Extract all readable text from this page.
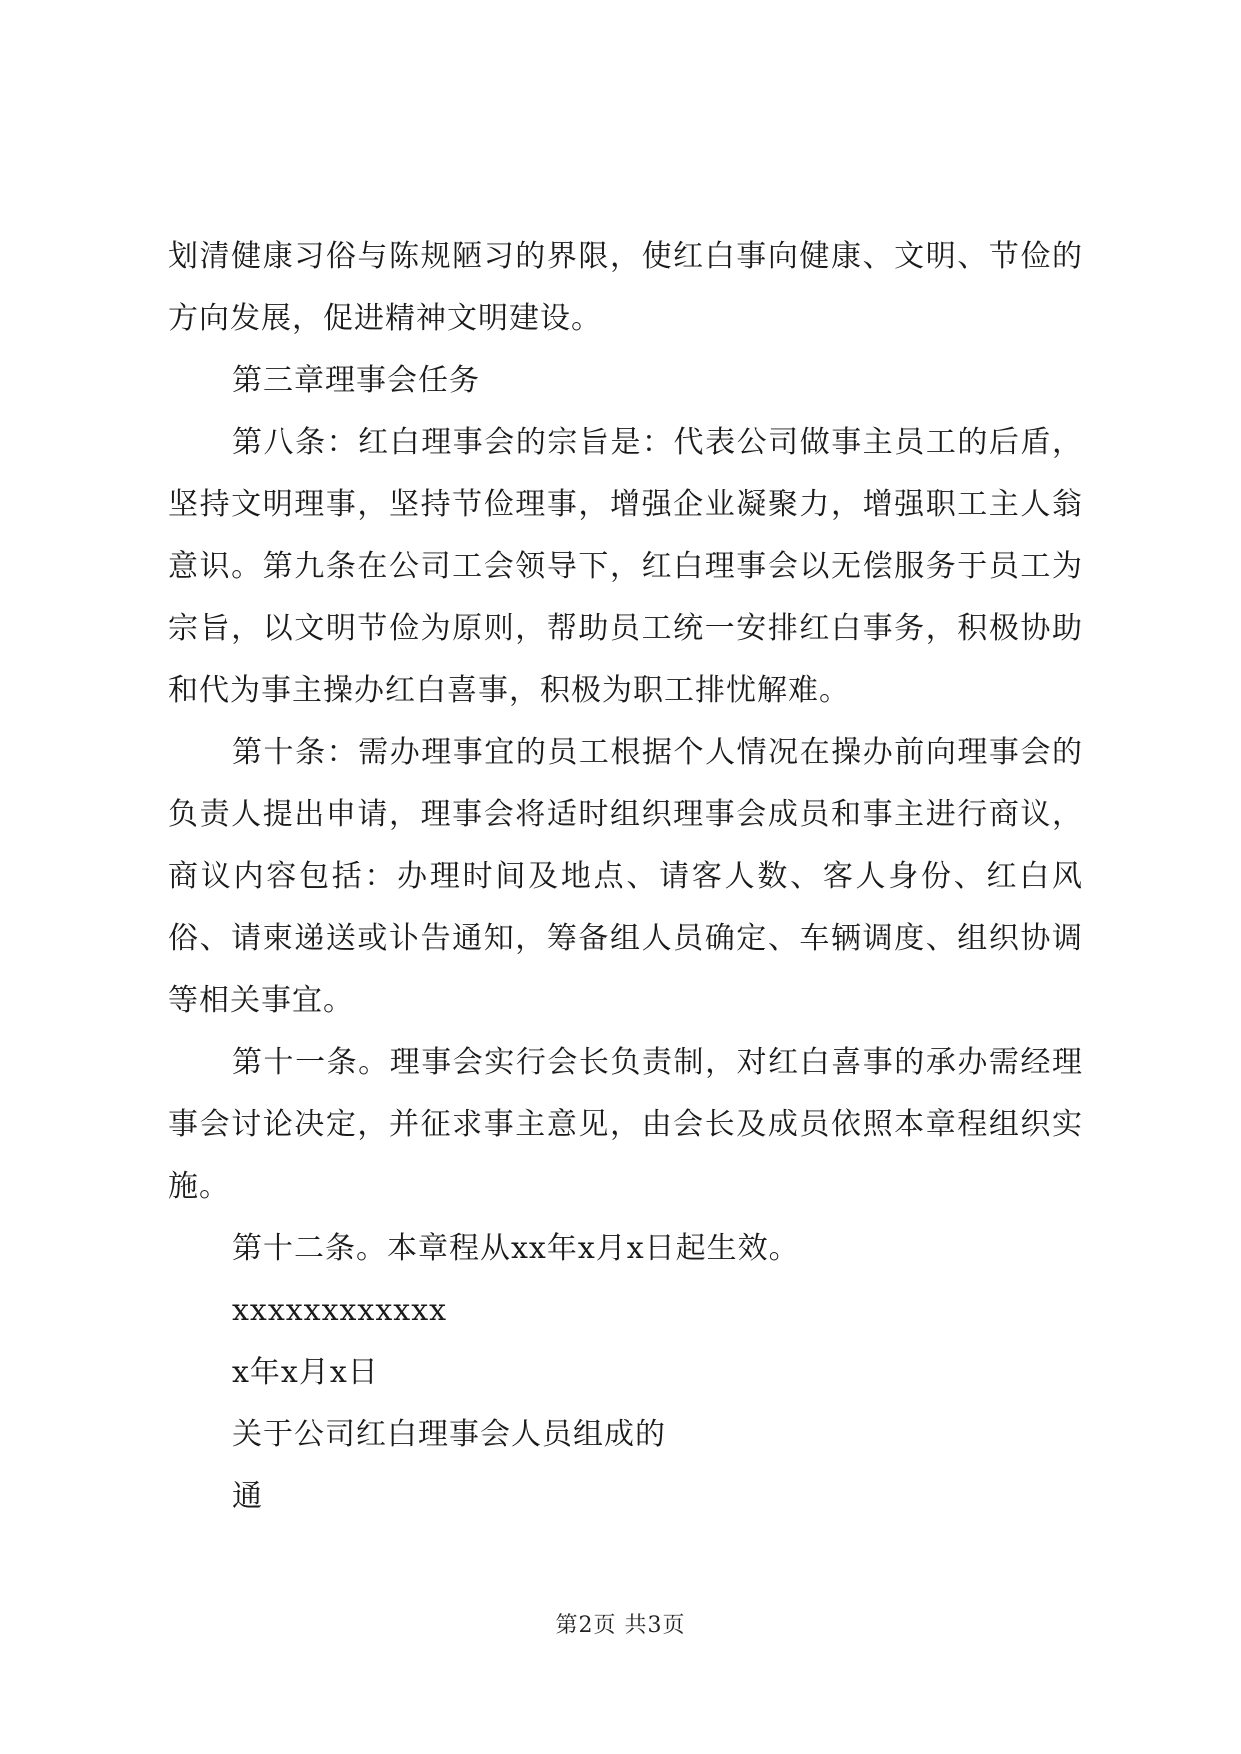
划清健康习俗与陈规陋习的界限，使红白事向健康、文明、节俭的方向发展，促进精神文明建设。

第三章理事会任务

第八条：红白理事会的宗旨是：代表公司做事主员工的后盾，坚持文明理事，坚持节俭理事，增强企业凝聚力，增强职工主人翁意识。第九条在公司工会领导下，红白理事会以无偿服务于员工为宗旨，以文明节俭为原则，帮助员工统一安排红白事务，积极协助和代为事主操办红白喜事，积极为职工排忧解难。

第十条：需办理事宜的员工根据个人情况在操办前向理事会的负责人提出申请，理事会将适时组织理事会成员和事主进行商议，商议内容包括：办理时间及地点、请客人数、客人身份、红白风俗、请柬递送或讣告通知，筹备组人员确定、车辆调度、组织协调等相关事宜。

第十一条。理事会实行会长负责制，对红白喜事的承办需经理事会讨论决定，并征求事主意见，由会长及成员依照本章程组织实施。

第十二条。本章程从xx年x月x日起生效。

xxxxxxxxxxxx

x年x月x日

关于公司红白理事会人员组成的

通

第2页 共3页
